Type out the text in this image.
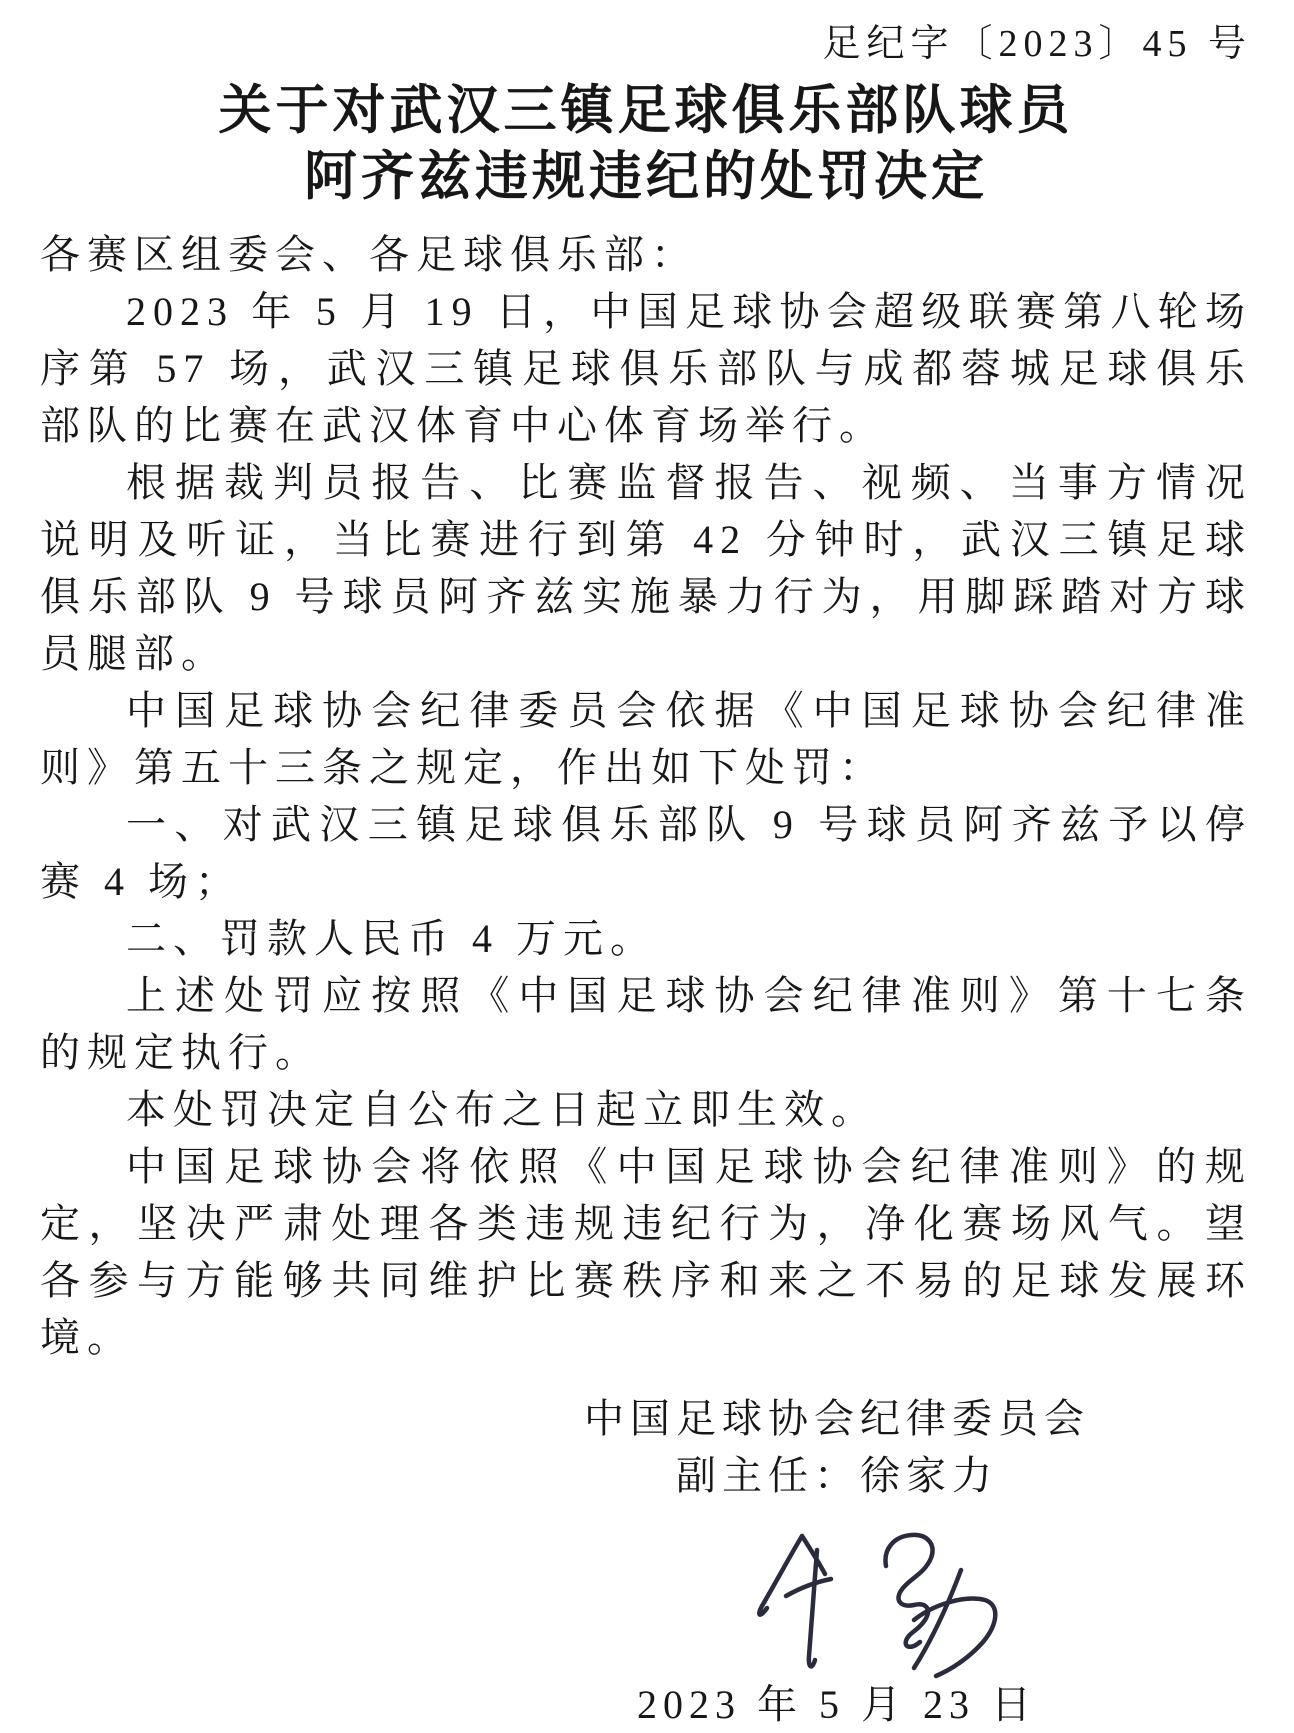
足纪字〔2023〕45 号
关于对武汉三镇足球俱乐部队球员
阿齐兹违规违纪的处罚决定

各赛区组委会、各足球俱乐部：

2023 年 5 月 19 日，中国足球协会超级联赛第八轮场序第 57 场，武汉三镇足球俱乐部队与成都蓉城足球俱乐部队的比赛在武汉体育中心体育场举行。

根据裁判员报告、比赛监督报告、视频、当事方情况说明及听证，当比赛进行到第 42 分钟时，武汉三镇足球俱乐部队 9 号球员阿齐兹实施暴力行为，用脚踩踏对方球员腿部。

中国足球协会纪律委员会依据《中国足球协会纪律准则》第五十三条之规定，作出如下处罚：

一、对武汉三镇足球俱乐部队 9 号球员阿齐兹予以停赛 4 场；

二、罚款人民币 4 万元。

上述处罚应按照《中国足球协会纪律准则》第十七条的规定执行。

本处罚决定自公布之日起立即生效。

中国足球协会将依照《中国足球协会纪律准则》的规定，坚决严肃处理各类违规违纪行为，净化赛场风气。望各参与方能够共同维护比赛秩序和来之不易的足球发展环境。

中国足球协会纪律委员会
副主任：徐家力
2023 年 5 月 23 日
